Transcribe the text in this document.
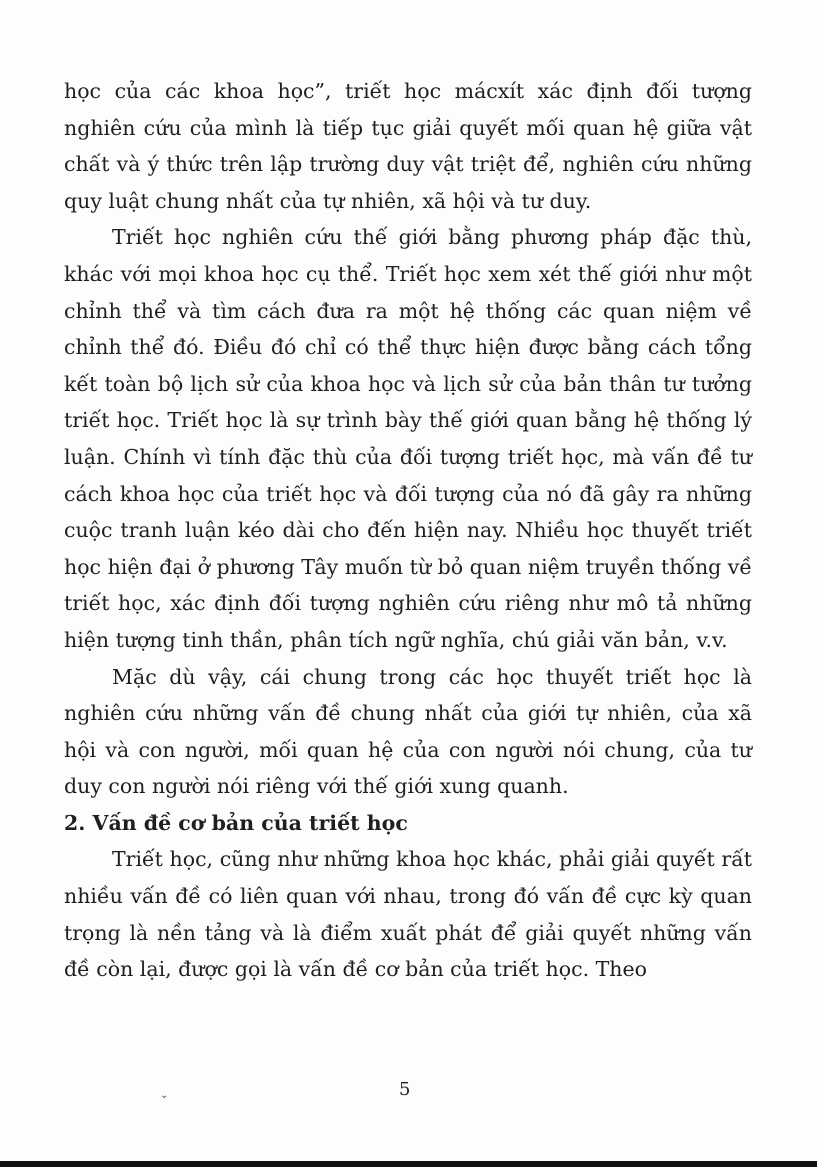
học của các khoa học”, triết học mácxít xác định đối tượng nghiên cứu của mình là tiếp tục giải quyết mối quan hệ giữa vật chất và ý thức trên lập trường duy vật triệt để, nghiên cứu những quy luật chung nhất của tự nhiên, xã hội và tư duy.

Triết học nghiên cứu thế giới bằng phương pháp đặc thù, khác với mọi khoa học cụ thể. Triết học xem xét thế giới như một chỉnh thể và tìm cách đưa ra một hệ thống các quan niệm về chỉnh thể đó. Điều đó chỉ có thể thực hiện được bằng cách tổng kết toàn bộ lịch sử của khoa học và lịch sử của bản thân tư tưởng triết học. Triết học là sự trình bày thế giới quan bằng hệ thống lý luận. Chính vì tính đặc thù của đối tượng triết học, mà vấn đề tư cách khoa học của triết học và đối tượng của nó đã gây ra những cuộc tranh luận kéo dài cho đến hiện nay. Nhiều học thuyết triết học hiện đại ở phương Tây muốn từ bỏ quan niệm truyền thống về triết học, xác định đối tượng nghiên cứu riêng như mô tả những hiện tượng tinh thần, phân tích ngữ nghĩa, chú giải văn bản, v.v.

Mặc dù vậy, cái chung trong các học thuyết triết học là nghiên cứu những vấn đề chung nhất của giới tự nhiên, của xã hội và con người, mối quan hệ của con người nói chung, của tư duy con người nói riêng với thế giới xung quanh.

2. Vấn đề cơ bản của triết học

Triết học, cũng như những khoa học khác, phải giải quyết rất nhiều vấn đề có liên quan với nhau, trong đó vấn đề cực kỳ quan trọng là nền tảng và là điểm xuất phát để giải quyết những vấn đề còn lại, được gọi là vấn đề cơ bản của triết học. Theo

⌄	5
